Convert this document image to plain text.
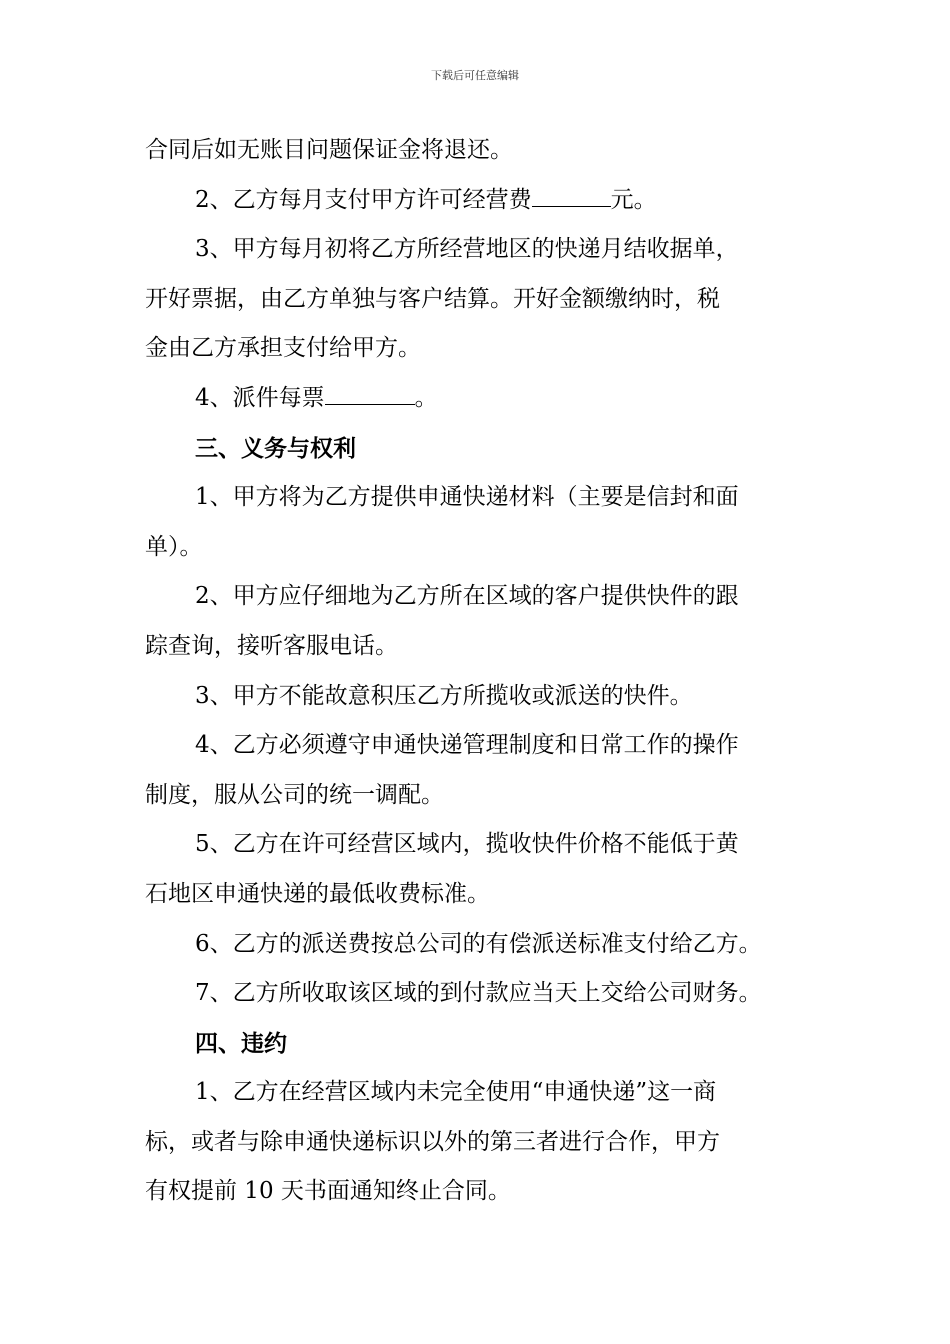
下载后可任意编辑
合同后如无账目问题保证金将退还。
2、乙方每月支付甲方许可经营费	元。
3、甲方每月初将乙方所经营地区的快递月结收据单，
开好票据，由乙方单独与客户结算。开好金额缴纳时，税
金由乙方承担支付给甲方。
4、派件每票	。
三、义务与权利
1、甲方将为乙方提供申通快递材料（主要是信封和面
单）。
2、甲方应仔细地为乙方所在区域的客户提供快件的跟
踪查询，接听客服电话。
3、甲方不能故意积压乙方所揽收或派送的快件。
4、乙方必须遵守申通快递管理制度和日常工作的操作
制度，服从公司的统一调配。
5、乙方在许可经营区域内，揽收快件价格不能低于黄
石地区申通快递的最低收费标准。
6、乙方的派送费按总公司的有偿派送标准支付给乙方。
7、乙方所收取该区域的到付款应当天上交给公司财务。
四、违约
1、乙方在经营区域内未完全使用“申通快递”这一商
标，或者与除申通快递标识以外的第三者进行合作，甲方
有权提前 10 天书面通知终止合同。
